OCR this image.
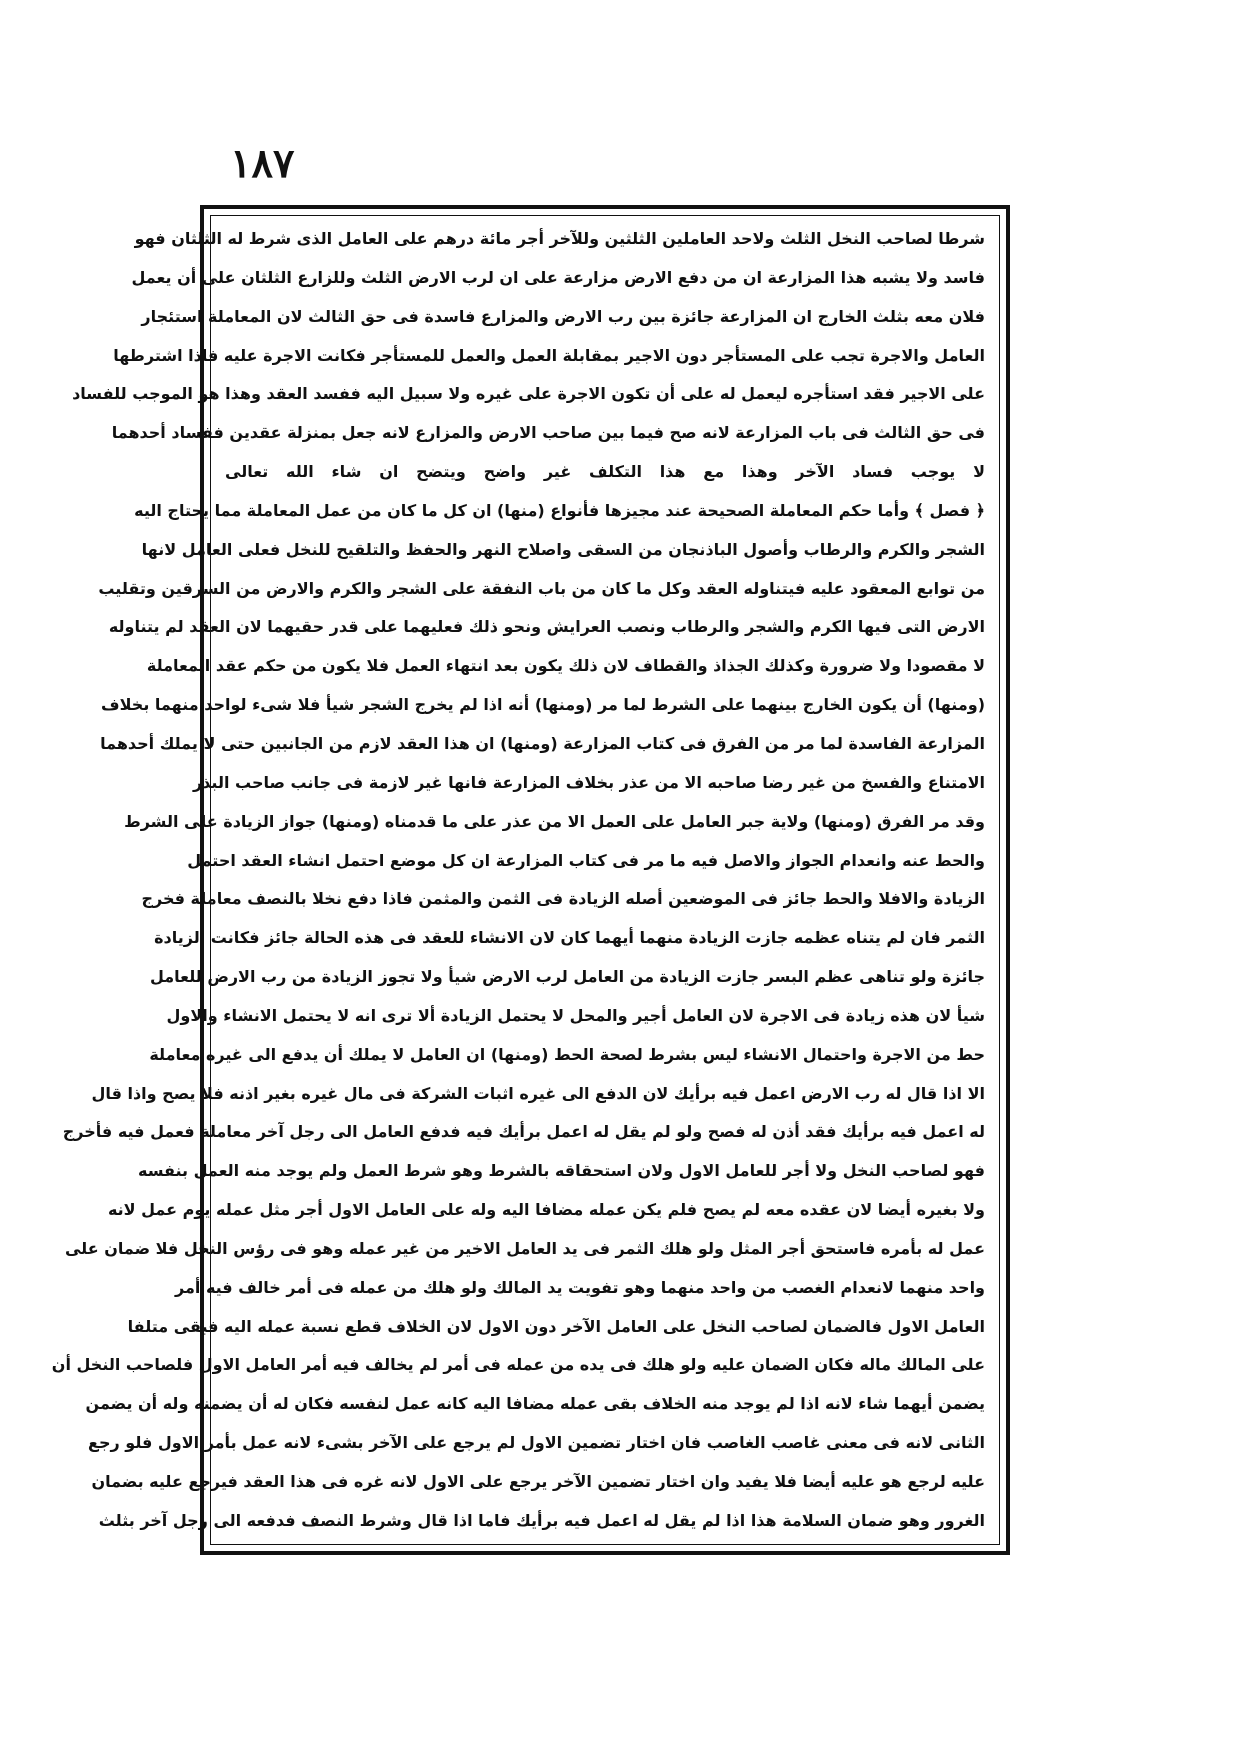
١٨٧
شرطا لصاحب النخل الثلث ولاحد العاملين الثلثين وللآخر أجر مائة درهم على العامل الذى شرط له الثلثان فهو
فاسد ولا يشبه هذا المزارعة ان من دفع الارض مزارعة على ان لرب الارض الثلث وللزارع الثلثان على أن يعمل
فلان معه بثلث الخارج ان المزارعة جائزة بين رب الارض والمزارع فاسدة فى حق الثالث لان المعاملة استئجار
العامل والاجرة تجب على المستأجر دون الاجير بمقابلة العمل والعمل للمستأجر فكانت الاجرة عليه فاذا اشترطها
على الاجير فقد استأجره ليعمل له على أن تكون الاجرة على غيره ولا سبيل اليه ففسد العقد وهذا هو الموجب للفساد
فى حق الثالث فى باب المزارعة لانه صح فيما بين صاحب الارض والمزارع لانه جعل بمنزلة عقدين ففساد أحدهما
لا يوجب فساد الآخر وهذا مع هذا التكلف غير واضح ويتضح ان شاء الله تعالى
﴿ فصل ﴾ وأما حكم المعاملة الصحيحة عند مجيزها فأنواع (منها) ان كل ما كان من عمل المعاملة مما يحتاج اليه
الشجر والكرم والرطاب وأصول الباذنجان من السقى واصلاح النهر والحفظ والتلقيح للنخل فعلى العامل لانها
من توابع المعقود عليه فيتناوله العقد وكل ما كان من باب النفقة على الشجر والكرم والارض من السرقين وتقليب
الارض التى فيها الكرم والشجر والرطاب ونصب العرايش ونحو ذلك فعليهما على قدر حقيهما لان العقد لم يتناوله
لا مقصودا ولا ضرورة وكذلك الجذاذ والقطاف لان ذلك يكون بعد انتهاء العمل فلا يكون من حكم عقد المعاملة
(ومنها) أن يكون الخارج بينهما على الشرط لما مر (ومنها) أنه اذا لم يخرج الشجر شيأ فلا شىء لواحد منهما بخلاف
المزارعة الفاسدة لما مر من الفرق فى كتاب المزارعة (ومنها) ان هذا العقد لازم من الجانبين حتى لا يملك أحدهما
الامتناع والفسخ من غير رضا صاحبه الا من عذر بخلاف المزارعة فانها غير لازمة فى جانب صاحب البذر
وقد مر الفرق (ومنها) ولاية جبر العامل على العمل الا من عذر على ما قدمناه (ومنها) جواز الزيادة على الشرط
والحط عنه وانعدام الجواز والاصل فيه ما مر فى كتاب المزارعة ان كل موضع احتمل انشاء العقد احتمل
الزيادة والافلا والحط جائز فى الموضعين أصله الزيادة فى الثمن والمثمن فاذا دفع نخلا بالنصف معاملة فخرج
الثمر فان لم يتناه عظمه جازت الزيادة منهما أيهما كان لان الانشاء للعقد فى هذه الحالة جائز فكانت الزيادة
جائزة ولو تناهى عظم البسر جازت الزيادة من العامل لرب الارض شيأ ولا تجوز الزيادة من رب الارض للعامل
شيأ لان هذه زيادة فى الاجرة لان العامل أجير والمحل لا يحتمل الزيادة ألا ترى انه لا يحتمل الانشاء والاول
حط من الاجرة واحتمال الانشاء ليس بشرط لصحة الحط (ومنها) ان العامل لا يملك أن يدفع الى غيره معاملة
الا اذا قال له رب الارض اعمل فيه برأيك لان الدفع الى غيره اثبات الشركة فى مال غيره بغير اذنه فلا يصح واذا قال
له اعمل فيه برأيك فقد أذن له فصح ولو لم يقل له اعمل برأيك فيه فدفع العامل الى رجل آخر معاملة فعمل فيه فأخرج
فهو لصاحب النخل ولا أجر للعامل الاول ولان استحقاقه بالشرط وهو شرط العمل ولم يوجد منه العمل بنفسه
ولا بغيره أيضا لان عقده معه لم يصح فلم يكن عمله مضافا اليه وله على العامل الاول أجر مثل عمله يوم عمل لانه
عمل له بأمره فاستحق أجر المثل ولو هلك الثمر فى يد العامل الاخير من غير عمله وهو فى رؤس النخل فلا ضمان على
واحد منهما لانعدام الغصب من واحد منهما وهو تفويت يد المالك ولو هلك من عمله فى أمر خالف فيه أمر
العامل الاول فالضمان لصاحب النخل على العامل الآخر دون الاول لان الخلاف قطع نسبة عمله اليه فبقى متلفا
على المالك ماله فكان الضمان عليه ولو هلك فى يده من عمله فى أمر لم يخالف فيه أمر العامل الاول فلصاحب النخل أن
يضمن أيهما شاء لانه اذا لم يوجد منه الخلاف بقى عمله مضافا اليه كانه عمل لنفسه فكان له أن يضمنه وله أن يضمن
الثانى لانه فى معنى غاصب الغاصب فان اختار تضمين الاول لم يرجع على الآخر بشىء لانه عمل بأمر الاول فلو رجع
عليه لرجع هو عليه أيضا فلا يفيد وان اختار تضمين الآخر يرجع على الاول لانه غره فى هذا العقد فيرجع عليه بضمان
الغرور وهو ضمان السلامة هذا اذا لم يقل له اعمل فيه برأيك فاما اذا قال وشرط النصف فدفعه الى رجل آخر بثلث
